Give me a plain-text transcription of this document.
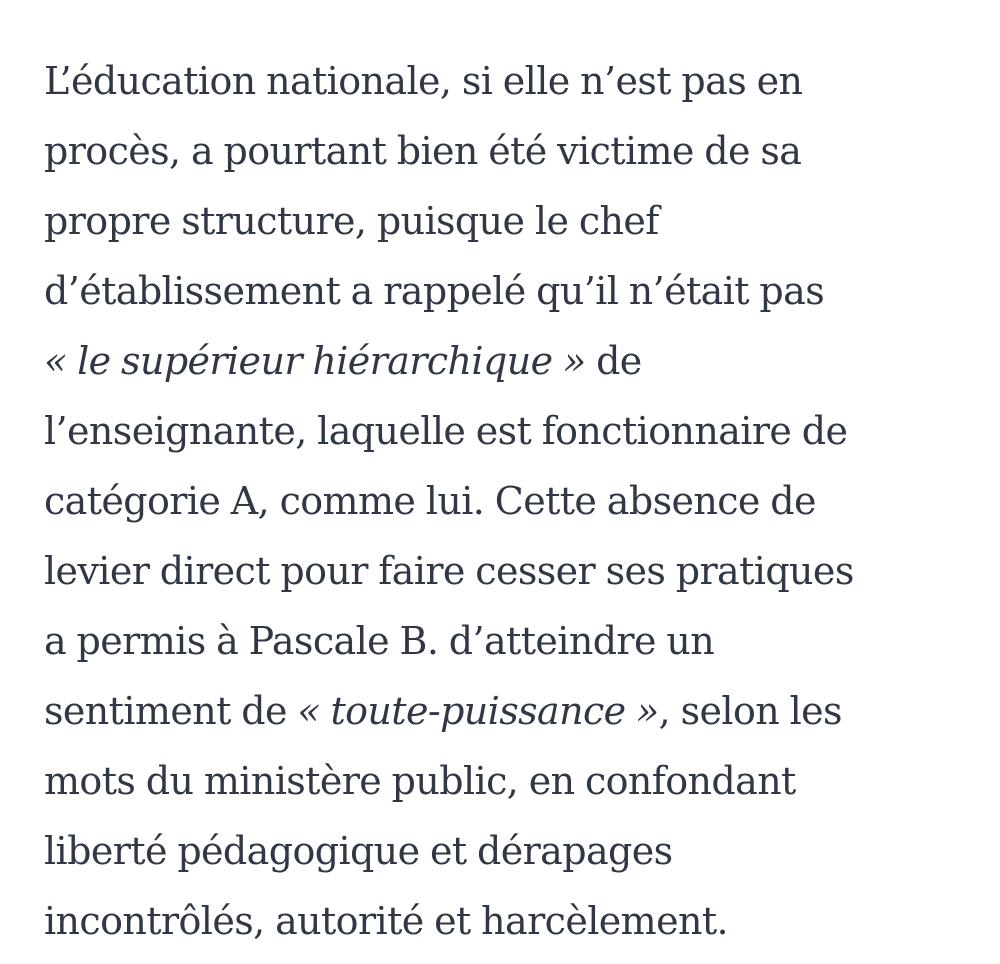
L’éducation nationale, si elle n’est pas en
procès, a pourtant bien été victime de sa
propre structure, puisque le chef
d’établissement a rappelé qu’il n’était pas
« le supérieur hiérarchique » de
l’enseignante, laquelle est fonctionnaire de
catégorie A, comme lui. Cette absence de
levier direct pour faire cesser ses pratiques
a permis à Pascale B. d’atteindre un
sentiment de « toute-puissance », selon les
mots du ministère public, en confondant
liberté pédagogique et dérapages
incontrôlés, autorité et harcèlement.
